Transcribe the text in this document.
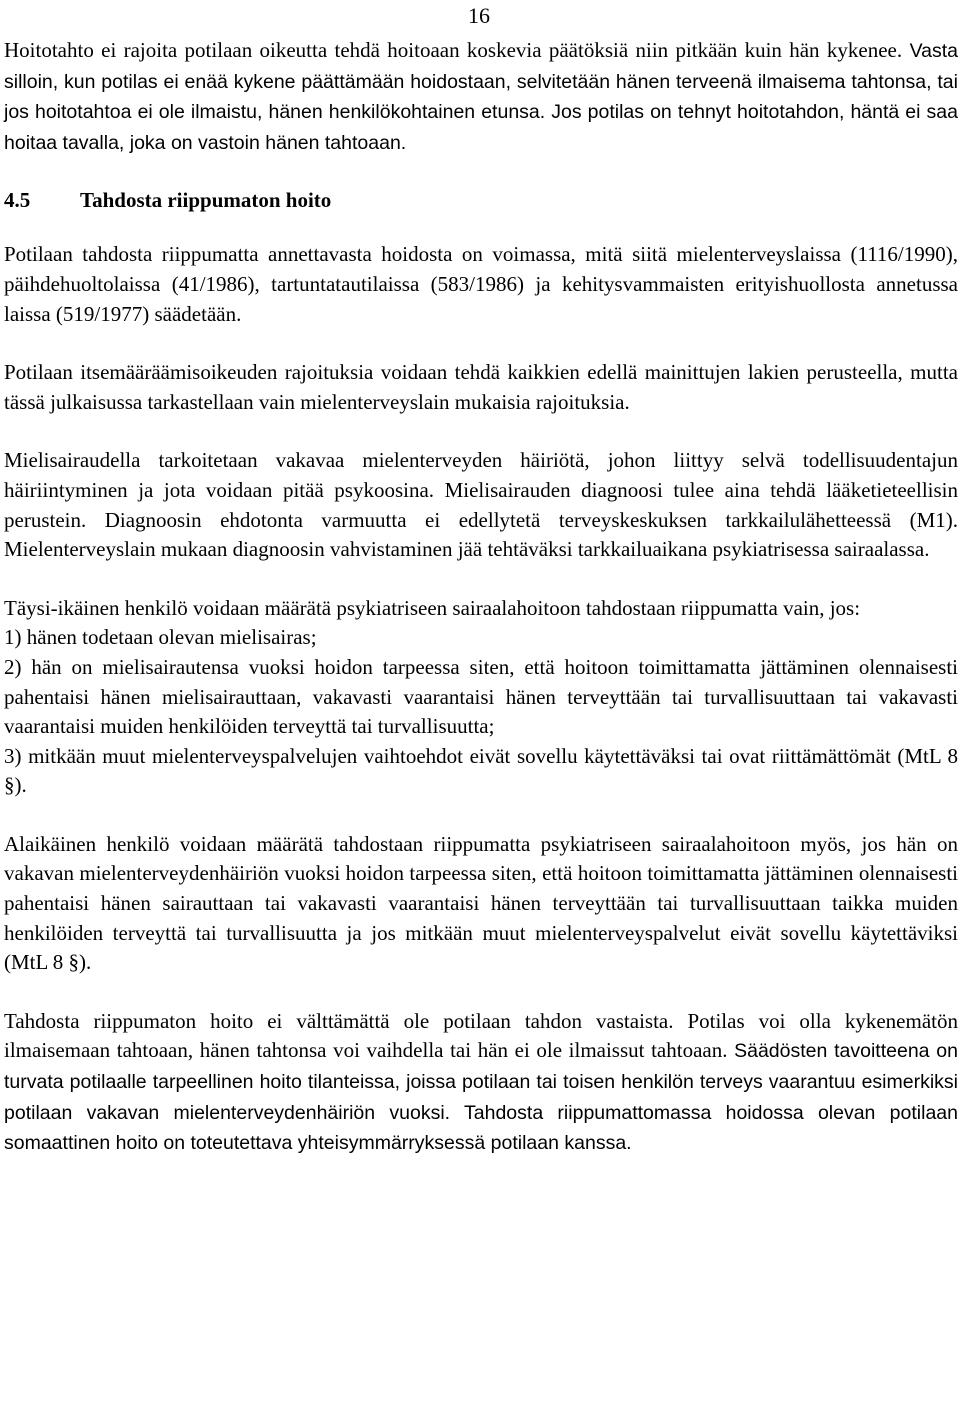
16

Hoitotahto ei rajoita potilaan oikeutta tehdä hoitoaan koskevia päätöksiä niin pitkään kuin hän kykenee. Vasta silloin, kun potilas ei enää kykene päättämään hoidostaan, selvitetään hänen terveenä ilmaisema tahtonsa, tai jos hoitotahtoa ei ole ilmaistu, hänen henkilökohtainen etunsa. Jos potilas on tehnyt hoitotahdon, häntä ei saa hoitaa tavalla, joka on vastoin hänen tahtoaan.

4.5	Tahdosta riippumaton hoito

Potilaan tahdosta riippumatta annettavasta hoidosta on voimassa, mitä siitä mielenterveyslaissa (1116/1990), päihdehuoltolaissa (41/1986), tartuntatautilaissa (583/1986) ja kehitysvammaisten erityishuollosta annetussa laissa (519/1977) säädetään.

Potilaan itsemääräämisoikeuden rajoituksia voidaan tehdä kaikkien edellä mainittujen lakien perusteella, mutta tässä julkaisussa tarkastellaan vain mielenterveyslain mukaisia rajoituksia.

Mielisairaudella tarkoitetaan vakavaa mielenterveyden häiriötä, johon liittyy selvä todellisuudentajun häiriintyminen ja jota voidaan pitää psykoosina. Mielisairauden diagnoosi tulee aina tehdä lääketieteellisin perustein. Diagnoosin ehdotonta varmuutta ei edellytetä terveyskeskuksen tarkkailulähetteessä (M1). Mielenterveyslain mukaan diagnoosin vahvistaminen jää tehtäväksi tarkkailuaikana psykiatrisessa sairaalassa.

Täysi-ikäinen henkilö voidaan määrätä psykiatriseen sairaalahoitoon tahdostaan riippumatta vain, jos:

1) hänen todetaan olevan mielisairas;

2) hän on mielisairautensa vuoksi hoidon tarpeessa siten, että hoitoon toimittamatta jättäminen olennaisesti pahentaisi hänen mielisairauttaan, vakavasti vaarantaisi hänen terveyttään tai turvallisuuttaan tai vakavasti vaarantaisi muiden henkilöiden terveyttä tai turvallisuutta;

3) mitkään muut mielenterveyspalvelujen vaihtoehdot eivät sovellu käytettäväksi tai ovat riittämättömät (MtL 8 §).

Alaikäinen henkilö voidaan määrätä tahdostaan riippumatta psykiatriseen sairaalahoitoon myös, jos hän on vakavan mielenterveydenhäiriön vuoksi hoidon tarpeessa siten, että hoitoon toimittamatta jättäminen olennaisesti pahentaisi hänen sairauttaan tai vakavasti vaarantaisi hänen terveyttään tai turvallisuuttaan taikka muiden henkilöiden terveyttä tai turvallisuutta ja jos mitkään muut mielenterveyspalvelut eivät sovellu käytettäviksi (MtL 8 §).

Tahdosta riippumaton hoito ei välttämättä ole potilaan tahdon vastaista. Potilas voi olla kykenemätön ilmaisemaan tahtoaan, hänen tahtonsa voi vaihdella tai hän ei ole ilmaissut tahtoaan. Säädösten tavoitteena on turvata potilaalle tarpeellinen hoito tilanteissa, joissa potilaan tai toisen henkilön terveys vaarantuu esimerkiksi potilaan vakavan mielenterveydenhäiriön vuoksi. Tahdosta riippumattomassa hoidossa olevan potilaan somaattinen hoito on toteutettava yhteisymmärryksessä potilaan kanssa.
